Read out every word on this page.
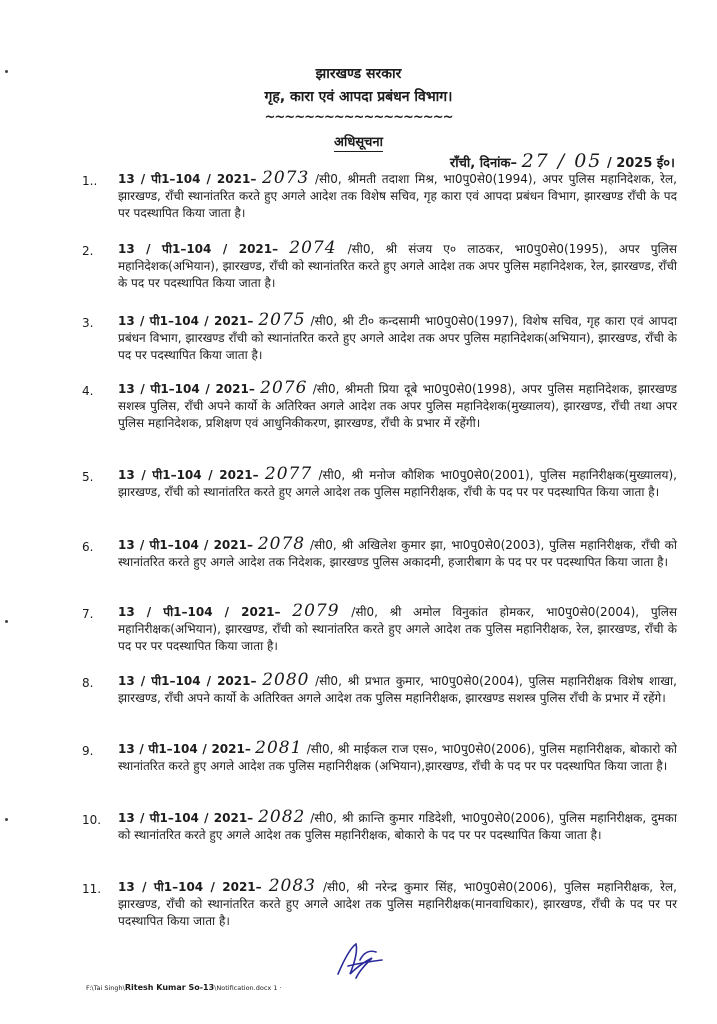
झारखण्ड सरकार
गृह, कारा एवं आपदा प्रबंधन विभाग।
~~~~~~~~~~~~~~~~~~~
अधिसूचना
राँची, दिनांक– 27 / 05 / 2025 ई०।
1.. 13 / पी1–104 / 2021– 2073 /सी0, श्रीमती तदाशा मिश्र, भा0पु0से0(1994), अपर पुलिस महानिदेशक, रेल, झारखण्ड, राँची स्थानांतरित करते हुए अगले आदेश तक विशेष सचिव, गृह कारा एवं आपदा प्रबंधन विभाग, झारखण्ड राँची के पद पर पदस्थापित किया जाता है।
2. 13 / पी1–104 / 2021– 2074 /सी0, श्री संजय ए० लाठकर, भा0पु0से0(1995), अपर पुलिस महानिदेशक(अभियान), झारखण्ड, राँची को स्थानांतरित करते हुए अगले आदेश तक अपर पुलिस महानिदेशक, रेल, झारखण्ड, राँची के पद पर पदस्थापित किया जाता है।
3. 13 / पी1–104 / 2021– 2075 /सी0, श्री टी० कन्दसामी भा0पु0से0(1997), विशेष सचिव, गृह कारा एवं आपदा प्रबंधन विभाग, झारखण्ड राँची को स्थानांतरित करते हुए अगले आदेश तक अपर पुलिस महानिदेशक(अभियान), झारखण्ड, राँची के पद पर पदस्थापित किया जाता है।
4. 13 / पी1–104 / 2021– 2076 /सी0, श्रीमती प्रिया दूबे भा0पु0से0(1998), अपर पुलिस महानिदेशक, झारखण्ड सशस्त्र पुलिस, राँची अपने कार्यो के अतिरिक्त अगले आदेश तक अपर पुलिस महानिदेशक(मुख्यालय), झारखण्ड, राँची तथा अपर पुलिस महानिदेशक, प्रशिक्षण एवं आधुनिकीकरण, झारखण्ड, राँची के प्रभार में रहेंगी।
5. 13 / पी1–104 / 2021– 2077 /सी0, श्री मनोज कौशिक भा0पु0से0(2001), पुलिस महानिरीक्षक(मुख्यालय), झारखण्ड, राँची को स्थानांतरित करते हुए अगले आदेश तक पुलिस महानिरीक्षक, राँची के पद पर पर पदस्थापित किया जाता है।
6. 13 / पी1–104 / 2021– 2078 /सी0, श्री अखिलेश कुमार झा, भा0पु0से0(2003), पुलिस महानिरीक्षक, राँची को स्थानांतरित करते हुए अगले आदेश तक निदेशक, झारखण्ड पुलिस अकादमी, हजारीबाग के पद पर पर पदस्थापित किया जाता है।
7. 13 / पी1–104 / 2021– 2079 /सी0, श्री अमोल विनुकांत होमकर, भा0पु0से0(2004), पुलिस महानिरीक्षक(अभियान), झारखण्ड, राँची को स्थानांतरित करते हुए अगले आदेश तक पुलिस महानिरीक्षक, रेल, झारखण्ड, राँची के पद पर पर पदस्थापित किया जाता है।
8. 13 / पी1–104 / 2021– 2080 /सी0, श्री प्रभात कुमार, भा0पु0से0(2004), पुलिस महानिरीक्षक विशेष शाखा, झारखण्ड, राँची अपने कार्यो के अतिरिक्त अगले आदेश तक पुलिस महानिरीक्षक, झारखण्ड सशस्त्र पुलिस राँची के प्रभार में रहेंगे।
9. 13 / पी1–104 / 2021– 2081 /सी0, श्री माईकल राज एस०, भा0पु0से0(2006), पुलिस महानिरीक्षक, बोकारो को स्थानांतरित करते हुए अगले आदेश तक पुलिस महानिरीक्षक (अभियान),झारखण्ड, राँची के पद पर पर पदस्थापित किया जाता है।
10. 13 / पी1–104 / 2021– 2082 /सी0, श्री क्रान्ति कुमार गडिदेशी, भा0पु0से0(2006), पुलिस महानिरीक्षक, दुमका को स्थानांतरित करते हुए अगले आदेश तक पुलिस महानिरीक्षक, बोकारो के पद पर पर पदस्थापित किया जाता है।
11. 13 / पी1–104 / 2021– 2083 /सी0, श्री नरेन्द्र कुमार सिंह, भा0पु0से0(2006), पुलिस महानिरीक्षक, रेल, झारखण्ड, राँची को स्थानांतरित करते हुए अगले आदेश तक पुलिस महानिरीक्षक(मानवाधिकार), झारखण्ड, राँची के पद पर पर पदस्थापित किया जाता है।
F:\Tai Singh\Ritesh Kumar So-13\Notification.docx 1 ·
